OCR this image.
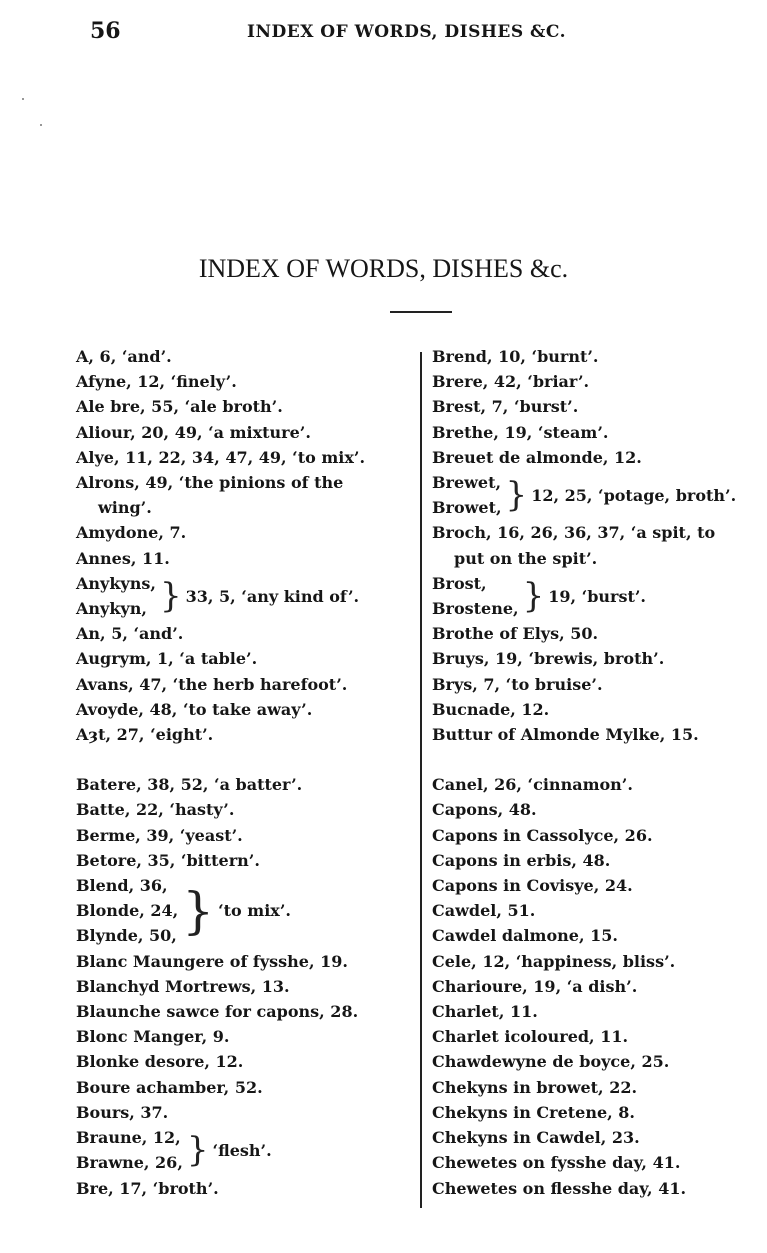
56	INDEX OF WORDS, DISHES &C.
INDEX OF WORDS, DISHES &c.
A, 6, ‘and’.
Afyne, 12, ‘finely’.
Ale bre, 55, ‘ale broth’.
Aliour, 20, 49, ‘a mixture’.
Alye, 11, 22, 34, 47, 49, ‘to mix’.
Alrons, 49, ‘the pinions of the wing’.
Amydone, 7.
Annes, 11.
Anykyns,
Anykyn, } 33, 5, ‘any kind of’.
An, 5, ‘and’.
Augrym, 1, ‘a table’.
Avans, 47, ‘the herb harefoot’.
Avoyde, 48, ‘to take away’.
Aȝt, 27, ‘eight’.
Batere, 38, 52, ‘a batter’.
Batte, 22, ‘hasty’.
Berme, 39, ‘yeast’.
Betore, 35, ‘bittern’.
Blend, 36,
Blonde, 24,
Blynde, 50, } ‘to mix’.
Blanc Maungere of fysshe, 19.
Blanchyd Mortrews, 13.
Blaunche sawce for capons, 28.
Blonc Manger, 9.
Blonke desore, 12.
Boure achamber, 52.
Bours, 37.
Braune, 12,
Brawne, 26, } ‘flesh’.
Bre, 17, ‘broth’.
Brend, 10, ‘burnt’.
Brere, 42, ‘briar’.
Brest, 7, ‘burst’.
Brethe, 19, ‘steam’.
Breuet de almonde, 12.
Brewet,
Browet, } 12, 25, ‘potage, broth’.
Broch, 16, 26, 36, 37, ‘a spit, to put on the spit’.
Brost,
Brostene, } 19, ‘burst’.
Brothe of Elys, 50.
Bruys, 19, ‘brewis, broth’.
Brys, 7, ‘to bruise’.
Bucnade, 12.
Buttur of Almonde Mylke, 15.
Canel, 26, ‘cinnamon’.
Capons, 48.
Capons in Cassolyce, 26.
Capons in erbis, 48.
Capons in Covisye, 24.
Cawdel, 51.
Cawdel dalmone, 15.
Cele, 12, ‘happiness, bliss’.
Charioure, 19, ‘a dish’.
Charlet, 11.
Charlet icoloured, 11.
Chawdewyne de boyce, 25.
Chekyns in browet, 22.
Chekyns in Cretene, 8.
Chekyns in Cawdel, 23.
Chewetes on fysshe day, 41.
Chewetes on flesshe day, 41.
